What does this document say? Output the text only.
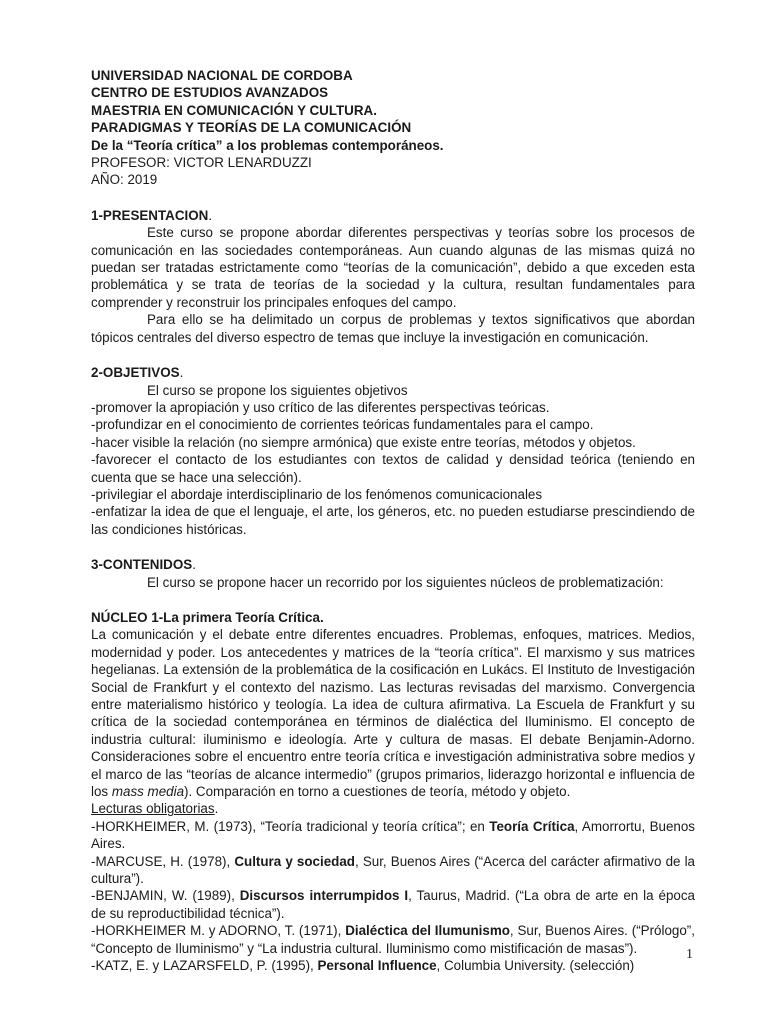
UNIVERSIDAD NACIONAL DE CORDOBA
CENTRO DE ESTUDIOS AVANZADOS
MAESTRIA EN COMUNICACIÓN Y CULTURA.
PARADIGMAS Y TEORÍAS DE LA COMUNICACIÓN
De la “Teoría crítica” a los problemas contemporáneos.
PROFESOR: VICTOR LENARDUZZI
AÑO: 2019
1-PRESENTACION.

Este curso se propone abordar diferentes perspectivas y teorías sobre los procesos de comunicación en las sociedades contemporáneas. Aun cuando algunas de las mismas quizá no puedan ser tratadas estrictamente como “teorías de la comunicación”, debido a que exceden esta problemática y se trata de teorías de la sociedad y la cultura, resultan fundamentales para comprender y reconstruir los principales enfoques del campo.

Para ello se ha delimitado un corpus de problemas y textos significativos que abordan tópicos centrales del diverso espectro de temas que incluye la investigación en comunicación.

2-OBJETIVOS.

El curso se propone los siguientes objetivos

-promover la apropiación y uso crítico de las diferentes perspectivas teóricas.

-profundizar en el conocimiento de corrientes teóricas fundamentales para el campo.

-hacer visible la relación (no siempre armónica) que existe entre teorías, métodos y objetos.

-favorecer el contacto de los estudiantes con textos de calidad y densidad teórica (teniendo en cuenta que se hace una selección).

-privilegiar el abordaje interdisciplinario de los fenómenos comunicacionales

-enfatizar la idea de que el lenguaje, el arte, los géneros, etc. no pueden estudiarse prescindiendo de las condiciones históricas.

3-CONTENIDOS.

El curso se propone hacer un recorrido por los siguientes núcleos de problematización:

NÚCLEO 1-La primera Teoría Crítica.

La comunicación y el debate entre diferentes encuadres. Problemas, enfoques, matrices. Medios, modernidad y poder. Los antecedentes y matrices de la “teoría crítica”. El marxismo y sus matrices hegelianas. La extensión de la problemática de la cosificación en Lukács. El Instituto de Investigación Social de Frankfurt y el contexto del nazismo. Las lecturas revisadas del marxismo. Convergencia entre materialismo histórico y teología. La idea de cultura afirmativa. La Escuela de Frankfurt y su crítica de la sociedad contemporánea en términos de dialéctica del Iluminismo. El concepto de industria cultural: iluminismo e ideología. Arte y cultura de masas. El debate Benjamin-Adorno. Consideraciones sobre el encuentro entre teoría crítica e investigación administrativa sobre medios y el marco de las “teorías de alcance intermedio” (grupos primarios, liderazgo horizontal e influencia de los mass media). Comparación en torno a cuestiones de teoría, método y objeto.

Lecturas obligatorias.

-HORKHEIMER, M. (1973), “Teoría tradicional y teoría crítica”; en Teoría Crítica, Amorrortu, Buenos Aires.

-MARCUSE, H. (1978), Cultura y sociedad, Sur, Buenos Aires (“Acerca del carácter afirmativo de la cultura”).

-BENJAMIN, W. (1989), Discursos interrumpidos I, Taurus, Madrid. (“La obra de arte en la época de su reproductibilidad técnica”).

-HORKHEIMER M. y ADORNO, T. (1971), Dialéctica del Ilumunismo, Sur, Buenos Aires. (“Prólogo”, “Concepto de Iluminismo” y “La industria cultural. Iluminismo como mistificación de masas”).

-KATZ, E. y LAZARSFELD, P. (1995), Personal Influence, Columbia University. (selección)

1
